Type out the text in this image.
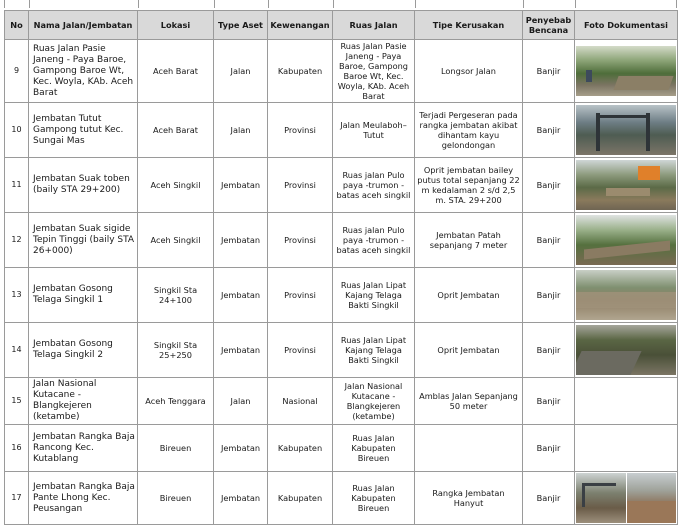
No	Nama Jalan/Jembatan	Lokasi	Type Aset	Kewenangan	Ruas Jalan	Tipe Kerusakan	Penyebab Bencana	Foto Dokumentasi
9	Ruas Jalan Pasie Janeng - Paya Baroe, Gampong Baroe Wt, Kec. Woyla, KAb. Aceh Barat	Aceh Barat	Jalan	Kabupaten	Ruas Jalan Pasie Janeng - Paya Baroe, Gampong Baroe Wt, Kec. Woyla, KAb. Aceh Barat	Longsor Jalan	Banjir	

10	Jembatan Tutut Gampong tutut Kec. Sungai Mas	Aceh Barat	Jalan	Provinsi	Jalan Meulaboh–Tutut	Terjadi Pergeseran pada rangka jembatan akibat dihantam kayu gelondongan	Banjir	

11	Jembatan Suak toben (baily STA 29+200)	Aceh Singkil	Jembatan	Provinsi	Ruas jalan Pulo paya -trumon -batas aceh singkil	Oprit jembatan bailey putus total sepanjang 22 m kedalaman 2 s/d 2,5 m. STA. 29+200	Banjir	

12	Jembatan Suak sigide Tepin Tinggi (baily STA 26+000)	Aceh Singkil	Jembatan	Provinsi	Ruas jalan Pulo paya -trumon -batas aceh singkil	Jembatan Patah sepanjang 7 meter	Banjir	

13	Jembatan Gosong Telaga Singkil 1	Singkil Sta 24+100	Jembatan	Provinsi	Ruas Jalan Lipat Kajang Telaga Bakti Singkil	Oprit Jembatan	Banjir	

14	Jembatan Gosong Telaga Singkil 2	Singkil Sta 25+250	Jembatan	Provinsi	Ruas Jalan Lipat Kajang Telaga Bakti Singkil	Oprit Jembatan	Banjir	

15	Jalan Nasional Kutacane - Blangkejeren (ketambe)	Aceh Tenggara	Jalan	Nasional	Jalan Nasional Kutacane - Blangkejeren (ketambe)	Amblas Jalan Sepanjang 50 meter	Banjir	
16	Jembatan Rangka Baja Rancong Kec. Kutablang	Bireuen	Jembatan	Kabupaten	Ruas Jalan Kabupaten Bireuen		Banjir	
17	Jembatan Rangka Baja Pante Lhong Kec. Peusangan	Bireuen	Jembatan	Kabupaten	Ruas Jalan Kabupaten Bireuen	Rangka Jembatan Hanyut	Banjir	
